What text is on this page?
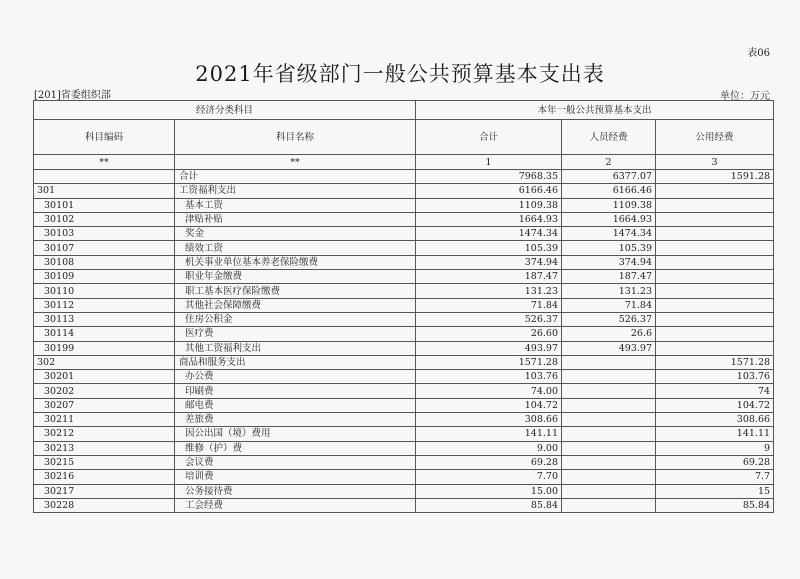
表06
2021年省级部门一般公共预算基本支出表
[201]省委组织部	单位：万元
经济分类科目		本年一般公共预算基本支出		
科目编码	科目名称	合计	人员经费	公用经费
**	**	1	2	3
	合计	7968.35	6377.07	1591.28
301	工资福利支出	6166.46	6166.46	
30101	基本工资	1109.38	1109.38	
30102	津贴补贴	1664.93	1664.93	
30103	奖金	1474.34	1474.34	
30107	绩效工资	105.39	105.39	
30108	机关事业单位基本养老保险缴费	374.94	374.94	
30109	职业年金缴费	187.47	187.47	
30110	职工基本医疗保险缴费	131.23	131.23	
30112	其他社会保障缴费	71.84	71.84	
30113	住房公积金	526.37	526.37	
30114	医疗费	26.60	26.6	
30199	其他工资福利支出	493.97	493.97	
302	商品和服务支出	1571.28		1571.28
30201	办公费	103.76		103.76
30202	印刷费	74.00		74
30207	邮电费	104.72		104.72
30211	差旅费	308.66		308.66
30212	因公出国（境）费用	141.11		141.11
30213	维修（护）费	9.00		9
30215	会议费	69.28		69.28
30216	培训费	7.70		7.7
30217	公务接待费	15.00		15
30228	工会经费	85.84		85.84
